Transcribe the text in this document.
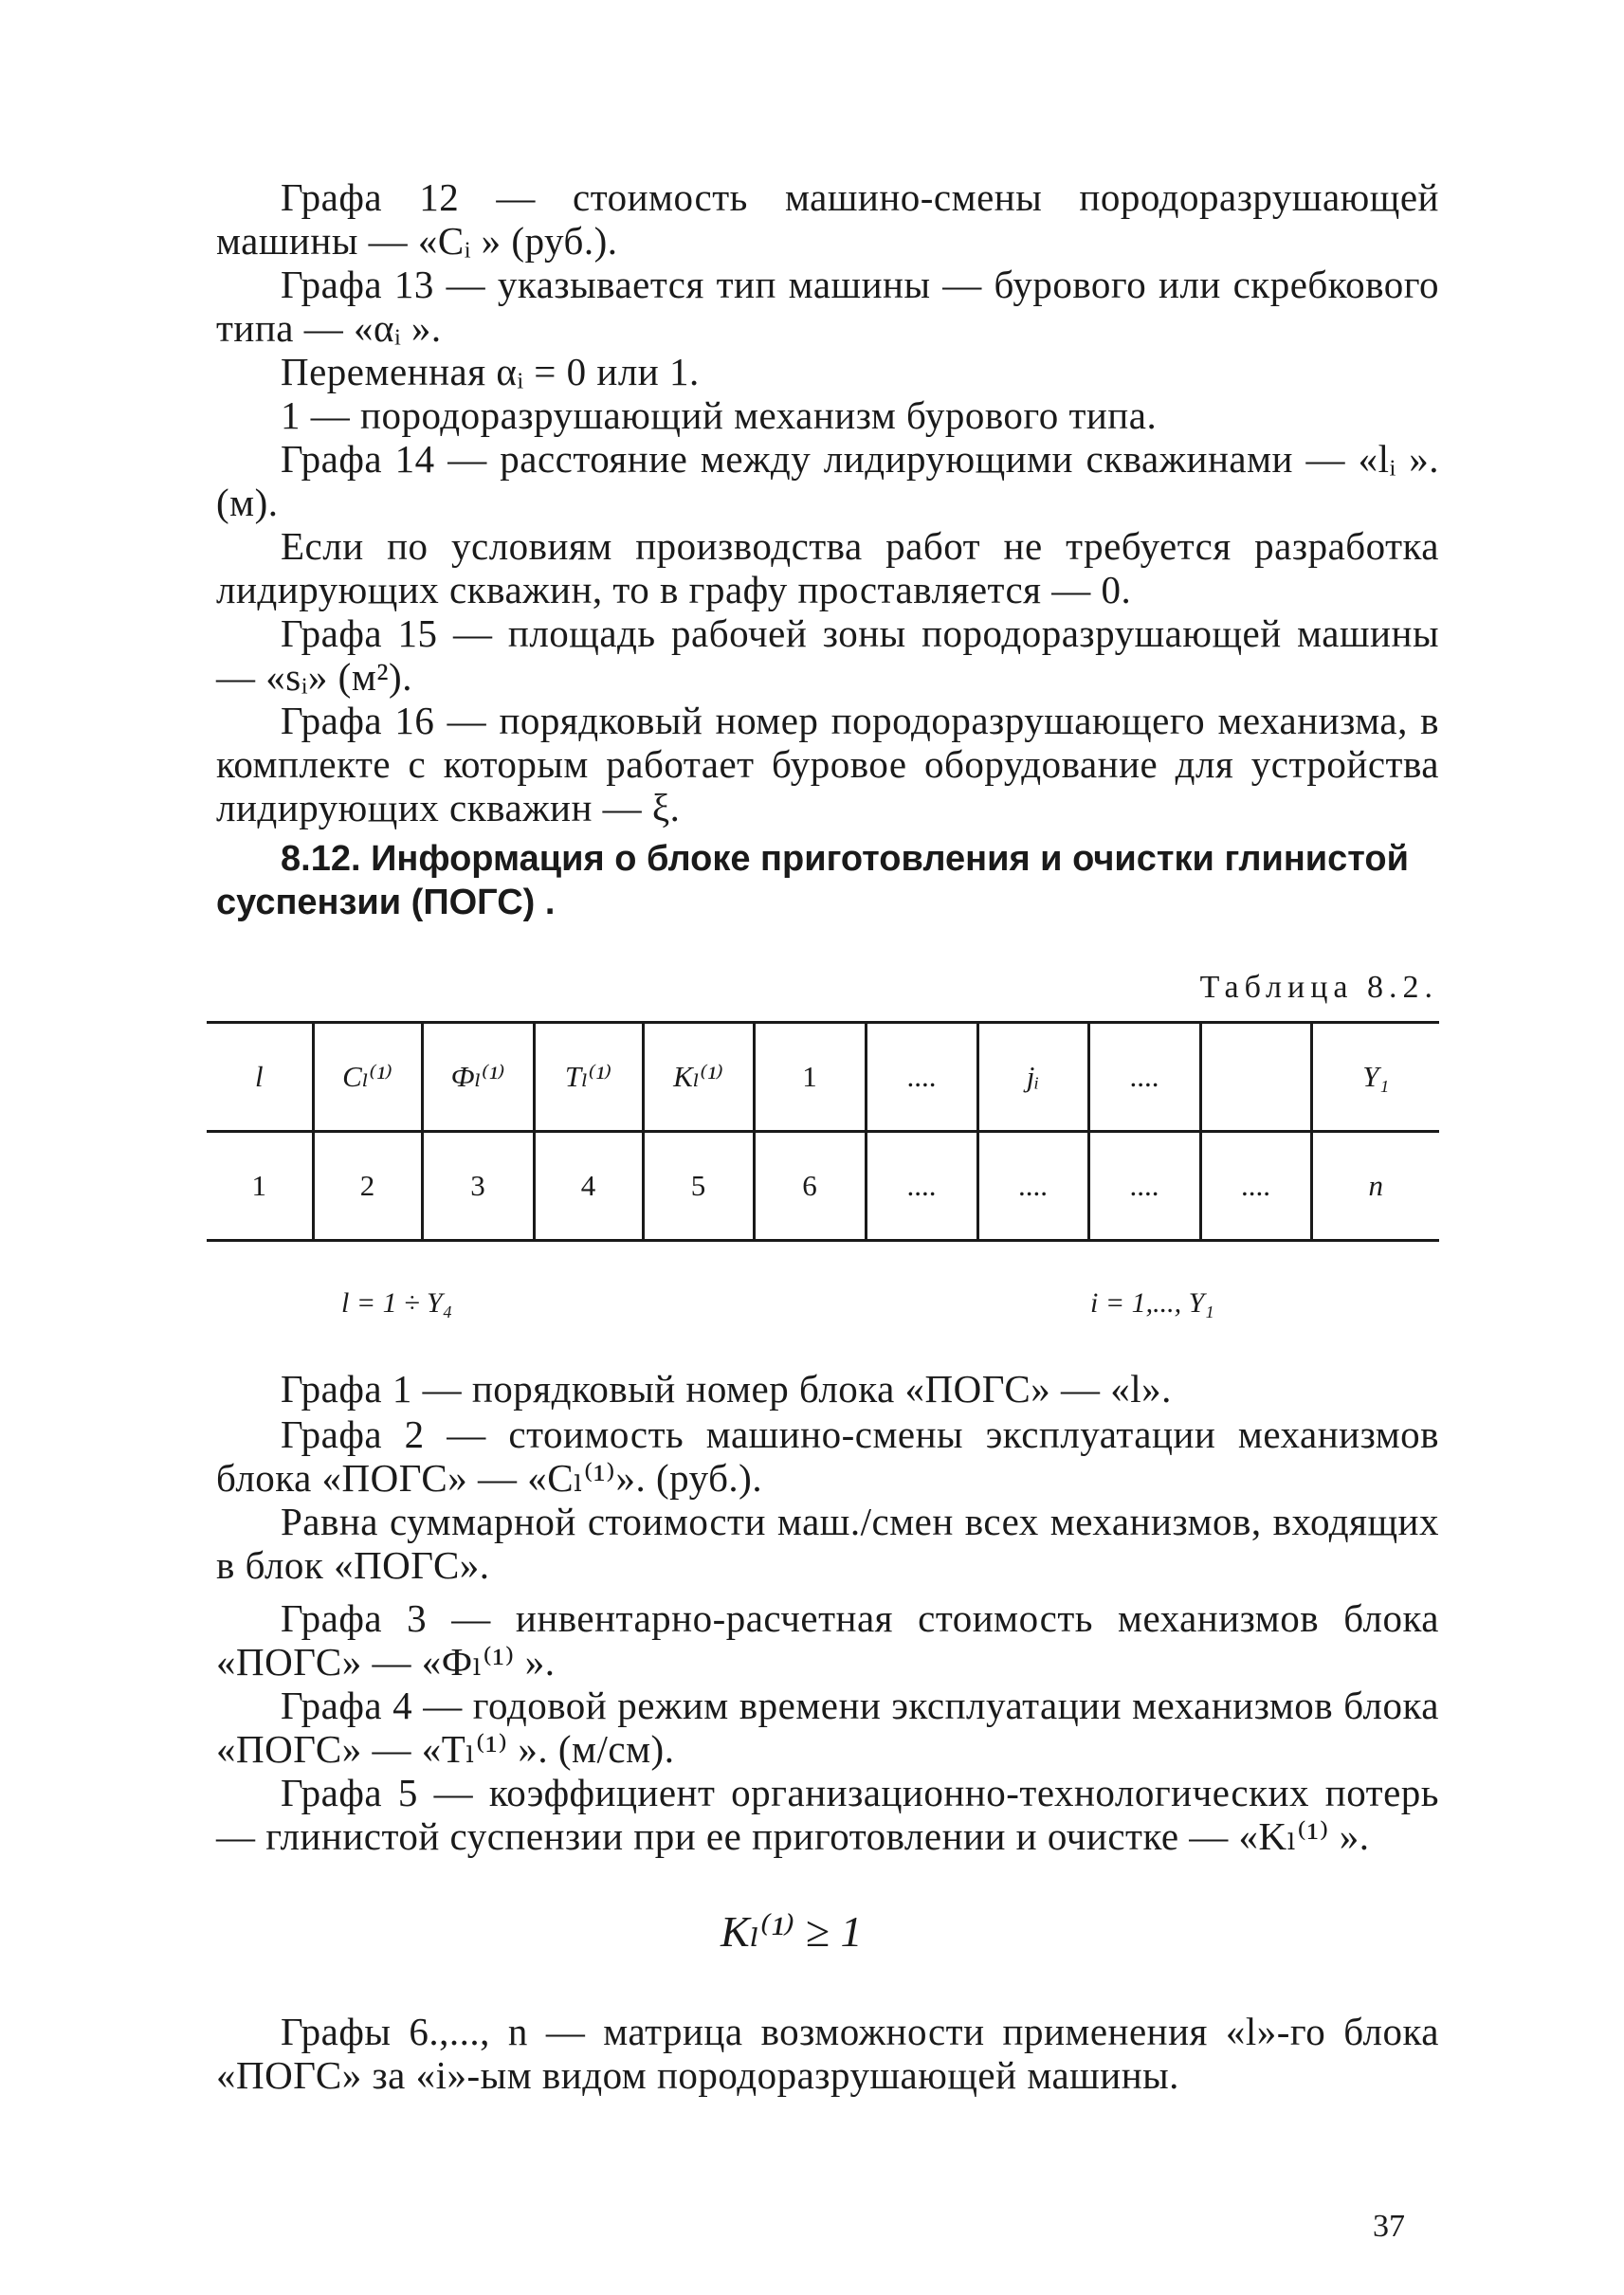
Графа 12 — стоимость машино-смены породоразрушающей машины — «Cᵢ » (руб.).

Графа 13 — указывается тип машины — бурового или скребкового типа — «αᵢ ».

Переменная αᵢ = 0 или 1.

1 — породоразрушающий механизм бурового типа.

Графа 14 — расстояние между лидирующими скважинами — «lᵢ ». (м).

Если по условиям производства работ не требуется разработка лидирующих скважин, то в графу проставляется — 0.

Графа 15 — площадь рабочей зоны породоразрушающей машины — «sᵢ» (м²).

Графа 16 — порядковый номер породоразрушающего механизма, в комплекте с которым работает буровое оборудование для устройства лидирующих скважин — ξ.

8.12. Информация о блоке приготовления и очистки глинистой суспензии (ПОГС) .

Таблица 8.2.
l	Cₗ⁽¹⁾	Фₗ⁽¹⁾	Tₗ⁽¹⁾	Kₗ⁽¹⁾	1	....	jᵢ	....		Y₁
1	2	3	4	5	6	....	....	....	....	n
l = 1 ÷ Y₄	i = 1,..., Y₁

Графа 1 — порядковый номер блока «ПОГС» — «l».

Графа 2 — стоимость машино-смены эксплуатации механизмов блока «ПОГС» — «Cₗ⁽¹⁾». (руб.).

Равна суммарной стоимости маш./смен всех механизмов, входящих в блок «ПОГС».

Графа 3 — инвентарно-расчетная стоимость механизмов блока «ПОГС» — «Фₗ⁽¹⁾ ».

Графа 4 — годовой режим времени эксплуатации механизмов блока «ПОГС» — «Tₗ⁽¹⁾ ». (м/см).

Графа 5 — коэффициент организационно-технологических потерь — глинистой суспензии при ее приготовлении и очистке — «Kₗ⁽¹⁾ ».

Kₗ⁽¹⁾ ≥ 1

Графы 6.,..., n — матрица возможности применения «l»-го блока «ПОГС» за «i»-ым видом породоразрушающей машины.

37
